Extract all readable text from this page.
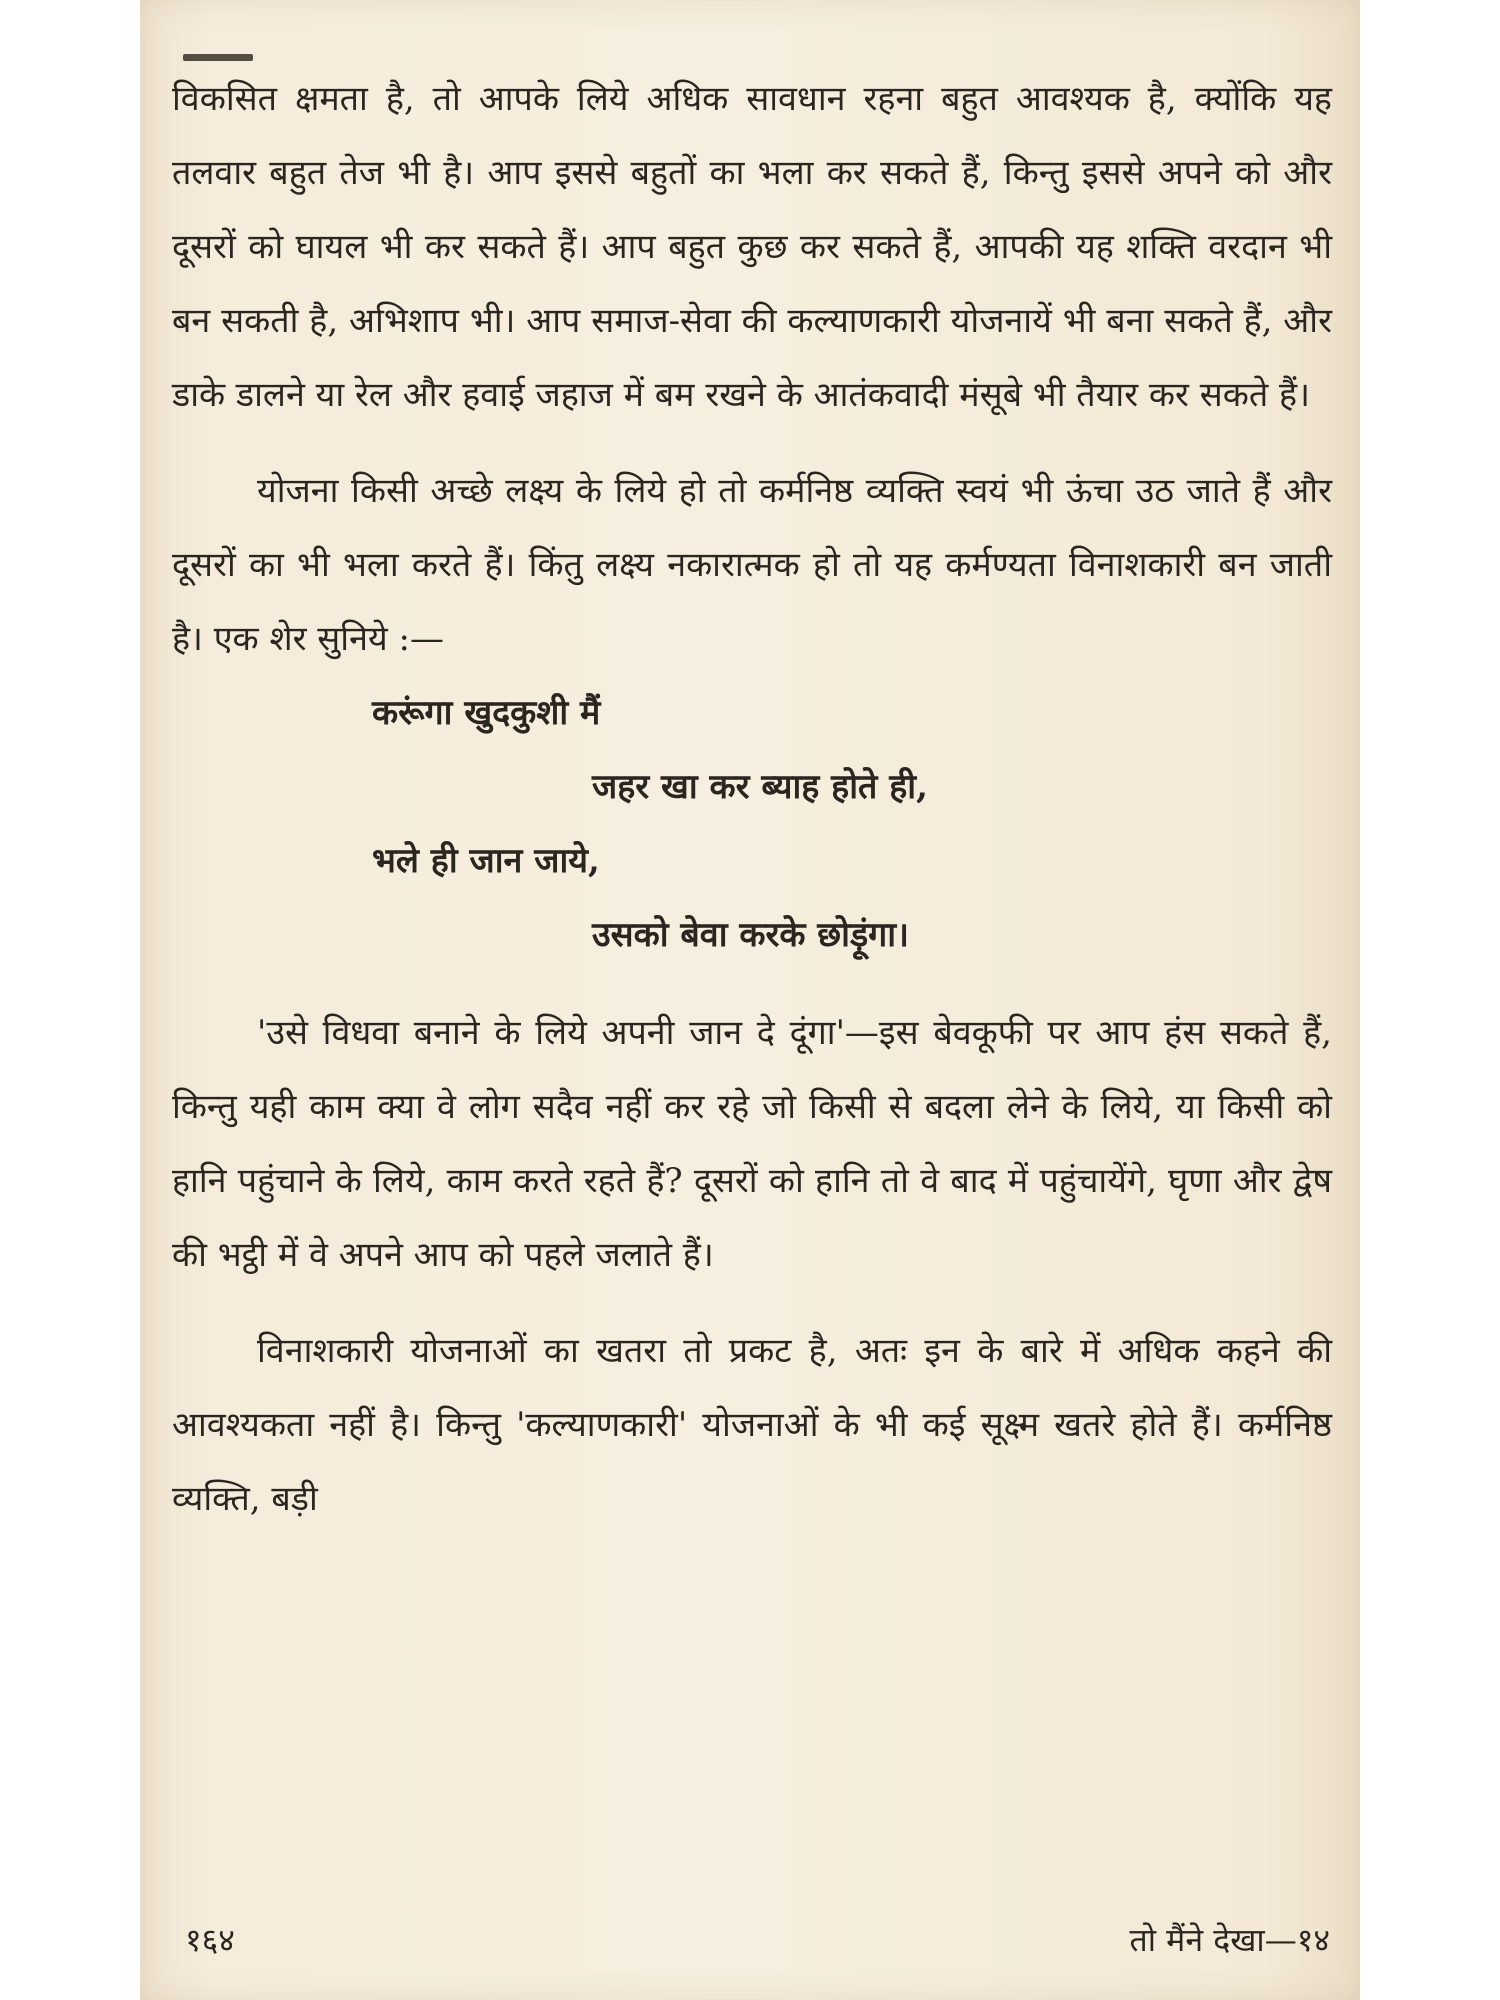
विकसित क्षमता है, तो आपके लिये अधिक सावधान रहना बहुत आवश्यक है, क्योंकि यह तलवार बहुत तेज भी है। आप इससे बहुतों का भला कर सकते हैं, किन्तु इससे अपने को और दूसरों को घायल भी कर सकते हैं। आप बहुत कुछ कर सकते हैं, आपकी यह शक्ति वरदान भी बन सकती है, अभिशाप भी। आप समाज-सेवा की कल्याणकारी योजनायें भी बना सकते हैं, और डाके डालने या रेल और हवाई जहाज में बम रखने के आतंकवादी मंसूबे भी तैयार कर सकते हैं।

योजना किसी अच्छे लक्ष्य के लिये हो तो कर्मनिष्ठ व्यक्ति स्वयं भी ऊंचा उठ जाते हैं और दूसरों का भी भला करते हैं। किंतु लक्ष्य नकारात्मक हो तो यह कर्मण्यता विनाशकारी बन जाती है। एक शेर सुनिये :—

करूंगा खुदकुशी मैं
जहर खा कर ब्याह होते ही,
भले ही जान जाये,
उसको बेवा करके छोड़ूंगा।

'उसे विधवा बनाने के लिये अपनी जान दे दूंगा'—इस बेवकूफी पर आप हंस सकते हैं, किन्तु यही काम क्या वे लोग सदैव नहीं कर रहे जो किसी से बदला लेने के लिये, या किसी को हानि पहुंचाने के लिये, काम करते रहते हैं? दूसरों को हानि तो वे बाद में पहुंचायेंगे, घृणा और द्वेष की भट्ठी में वे अपने आप को पहले जलाते हैं।

विनाशकारी योजनाओं का खतरा तो प्रकट है, अतः इन के बारे में अधिक कहने की आवश्यकता नहीं है। किन्तु 'कल्याणकारी' योजनाओं के भी कई सूक्ष्म खतरे होते हैं। कर्मनिष्ठ व्यक्ति, बड़ी

१६४	तो मैंने देखा—१४
